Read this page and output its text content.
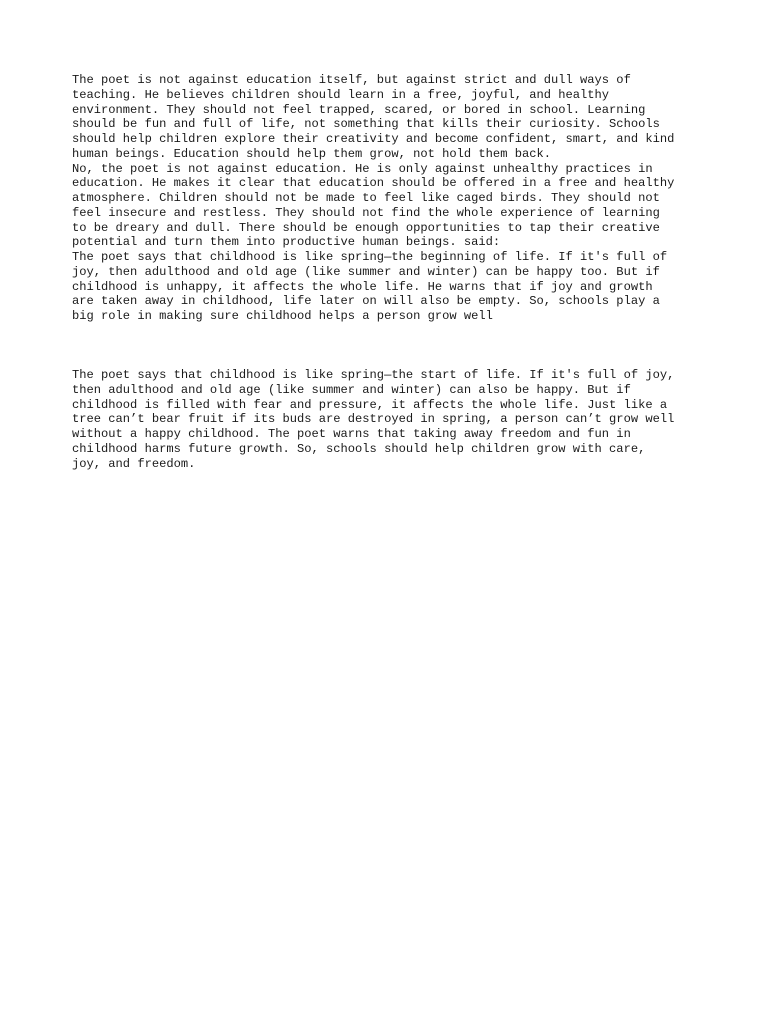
The poet is not against education itself, but against strict and dull ways of
teaching. He believes children should learn in a free, joyful, and healthy
environment. They should not feel trapped, scared, or bored in school. Learning
should be fun and full of life, not something that kills their curiosity. Schools
should help children explore their creativity and become confident, smart, and kind
human beings. Education should help them grow, not hold them back.
No, the poet is not against education. He is only against unhealthy practices in
education. He makes it clear that education should be offered in a free and healthy
atmosphere. Children should not be made to feel like caged birds. They should not
feel insecure and restless. They should not find the whole experience of learning
to be dreary and dull. There should be enough opportunities to tap their creative
potential and turn them into productive human beings. said:
The poet says that childhood is like spring—the beginning of life. If it's full of
joy, then adulthood and old age (like summer and winter) can be happy too. But if
childhood is unhappy, it affects the whole life. He warns that if joy and growth
are taken away in childhood, life later on will also be empty. So, schools play a
big role in making sure childhood helps a person grow well
The poet says that childhood is like spring—the start of life. If it's full of joy,
then adulthood and old age (like summer and winter) can also be happy. But if
childhood is filled with fear and pressure, it affects the whole life. Just like a
tree can’t bear fruit if its buds are destroyed in spring, a person can’t grow well
without a happy childhood. The poet warns that taking away freedom and fun in
childhood harms future growth. So, schools should help children grow with care,
joy, and freedom.
